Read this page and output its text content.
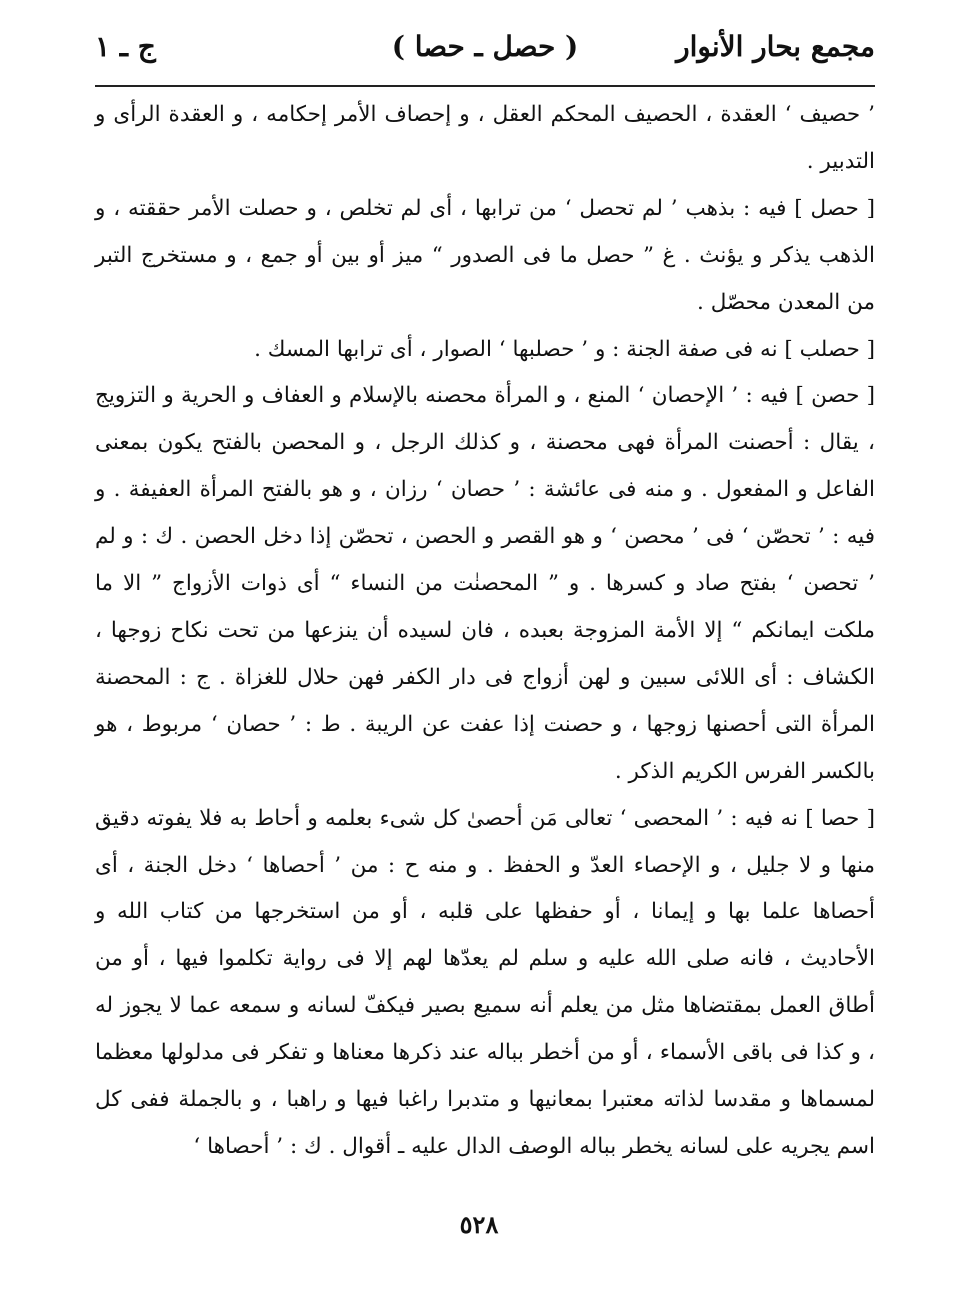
مجمع بحار الأنوار
( حصل ـ حصا )
ج ـ ١

’ حصيف ‘ العقدة ، الحصيف المحكم العقل ، و إحصاف الأمر إحكامه ، و العقدة الرأى و التدبير .

[ حصل ] فيه : بذهب ’ لم تحصل ‘ من ترابها ، أى لم تخلص ، و حصلت الأمر حققته ، و الذهب يذكر و يؤنث . غ ” حصل ما فى الصدور “ ميز أو بين أو جمع ، و مستخرج التبر من المعدن محصّل .

[ حصلب ] نه فى صفة الجنة : و ’ حصلبها ‘ الصوار ، أى ترابها المسك .

[ حصن ] فيه : ’ الإحصان ‘ المنع ، و المرأة محصنه بالإسلام و العفاف و الحرية و التزويج ، يقال : أحصنت المرأة فهى محصنة ، و كذلك الرجل ، و المحصن بالفتح يكون بمعنى الفاعل و المفعول . و منه فى عائشة : ’ حصان ‘ رزان ، و هو بالفتح المرأة العفيفة . و فيه : ’ تحصّن ‘ فى ’ محصن ‘ و هو القصر و الحصن ، تحصّن إذا دخل الحصن . ك : و لم ’ تحصن ‘ بفتح صاد و كسرها . و ” المحصنٰت من النساء “ أى ذوات الأزواج ” الا ما ملكت ايمانكم “ إلا الأمة المزوجة بعبده ، فان لسيده أن ينزعها من تحت نكاح زوجها ، الكشاف : أى اللائى سبين و لهن أزواج فى دار الكفر فهن حلال للغزاة . ج : المحصنة المرأة التى أحصنها زوجها ، و حصنت إذا عفت عن الريبة . ط : ’ حصان ‘ مربوط ، هو بالكسر الفرس الكريم الذكر .

[ حصا ] نه فيه : ’ المحصى ‘ تعالى مَن أحصىٰ كل شىء بعلمه و أحاط به فلا يفوته دقيق منها و لا جليل ، و الإحصاء العدّ و الحفظ . و منه ح : من ’ أحصاها ‘ دخل الجنة ، أى أحصاها علما بها و إيمانا ، أو حفظها على قلبه ، أو من استخرجها من كتاب الله و الأحاديث ، فانه صلى الله عليه و سلم لم يعدّها لهم إلا فى رواية تكلموا فيها ، أو من أطاق العمل بمقتضاها مثل من يعلم أنه سميع بصير فيكفّ لسانه و سمعه عما لا يجوز له ، و كذا فى باقى الأسماء ، أو من أخطر بباله عند ذكرها معناها و تفكر فى مدلولها معظما لمسماها و مقدسا لذاته معتبرا بمعانيها و متدبرا راغبا فيها و راهبا ، و بالجملة ففى كل اسم يجريه على لسانه يخطر بباله الوصف الدال عليه ـ أقوال . ك : ’ أحصاها ‘

٥٢٨
